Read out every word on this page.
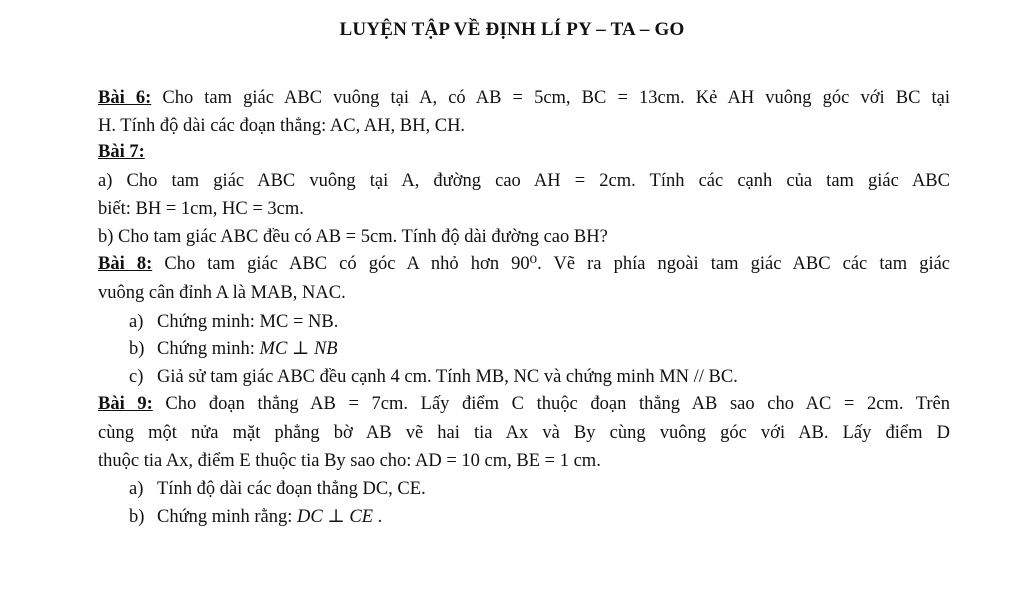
LUYỆN TẬP VỀ ĐỊNH LÍ PY – TA – GO
Bài 6: Cho tam giác ABC vuông tại A, có AB = 5cm, BC = 13cm. Kẻ AH vuông góc với BC tại
H. Tính độ dài các đoạn thẳng: AC, AH, BH, CH.
Bài 7:
a) Cho tam giác ABC vuông tại A, đường cao AH = 2cm. Tính các cạnh của tam giác ABC
biết: BH = 1cm, HC = 3cm.
b) Cho tam giác ABC đều có AB = 5cm. Tính độ dài đường cao BH?
Bài 8: Cho tam giác ABC có góc A nhỏ hơn 90⁰. Vẽ ra phía ngoài tam giác ABC các tam giác
vuông cân đỉnh A là MAB, NAC.
a) Chứng minh: MC = NB.
b) Chứng minh: MC ⊥ NB
c) Giả sử tam giác ABC đều cạnh 4 cm. Tính MB, NC và chứng minh MN // BC.
Bài 9: Cho đoạn thẳng AB = 7cm. Lấy điểm C thuộc đoạn thẳng AB sao cho AC = 2cm. Trên
cùng một nửa mặt phẳng bờ AB vẽ hai tia Ax và By cùng vuông góc với AB. Lấy điểm D
thuộc tia Ax, điểm E thuộc tia By sao cho: AD = 10 cm, BE = 1 cm.
a) Tính độ dài các đoạn thẳng DC, CE.
b) Chứng minh rằng: DC ⊥ CE .
